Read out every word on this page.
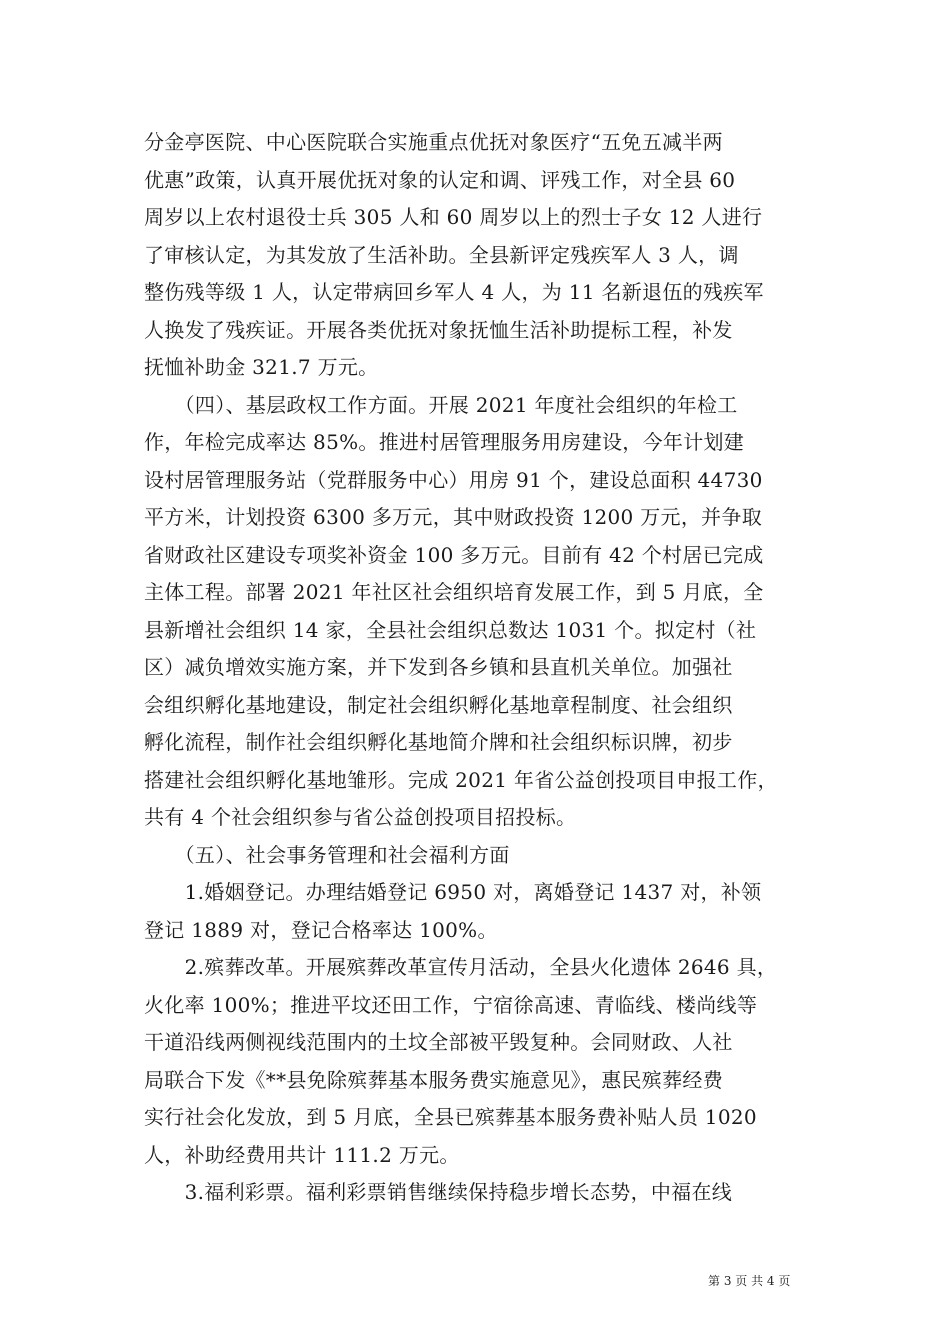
分金亭医院、中心医院联合实施重点优抚对象医疗“五免五减半两

优惠”政策，认真开展优抚对象的认定和调、评残工作，对全县 60

周岁以上农村退役士兵 305 人和 60 周岁以上的烈士子女 12 人进行

了审核认定，为其发放了生活补助。全县新评定残疾军人 3 人，调

整伤残等级 1 人，认定带病回乡军人 4 人，为 11 名新退伍的残疾军

人换发了残疾证。开展各类优抚对象抚恤生活补助提标工程，补发

抚恤补助金 321.7 万元。

　　（四）、基层政权工作方面。开展 2021 年度社会组织的年检工

作，年检完成率达 85%。推进村居管理服务用房建设，今年计划建

设村居管理服务站（党群服务中心）用房 91 个，建设总面积 44730

平方米，计划投资 6300 多万元，其中财政投资 1200 万元，并争取

省财政社区建设专项奖补资金 100 多万元。目前有 42 个村居已完成

主体工程。部署 2021 年社区社会组织培育发展工作，到 5 月底，全

县新增社会组织 14 家，全县社会组织总数达 1031 个。拟定村（社

区）减负增效实施方案，并下发到各乡镇和县直机关单位。加强社

会组织孵化基地建设，制定社会组织孵化基地章程制度、社会组织

孵化流程，制作社会组织孵化基地简介牌和社会组织标识牌，初步

搭建社会组织孵化基地雏形。完成 2021 年省公益创投项目申报工作，

共有 4 个社会组织参与省公益创投项目招投标。

　　（五）、社会事务管理和社会福利方面

　　1.婚姻登记。办理结婚登记 6950 对，离婚登记 1437 对，补领

登记 1889 对，登记合格率达 100%。

　　2.殡葬改革。开展殡葬改革宣传月活动，全县火化遗体 2646 具，

火化率 100%；推进平坟还田工作，宁宿徐高速、青临线、楼尚线等

干道沿线两侧视线范围内的土坟全部被平毁复种。会同财政、人社

局联合下发《**县免除殡葬基本服务费实施意见》，惠民殡葬经费

实行社会化发放，到 5 月底，全县已殡葬基本服务费补贴人员 1020

人，补助经费用共计 111.2 万元。

　　3.福利彩票。福利彩票销售继续保持稳步增长态势，中福在线

第 3 页 共 4 页
